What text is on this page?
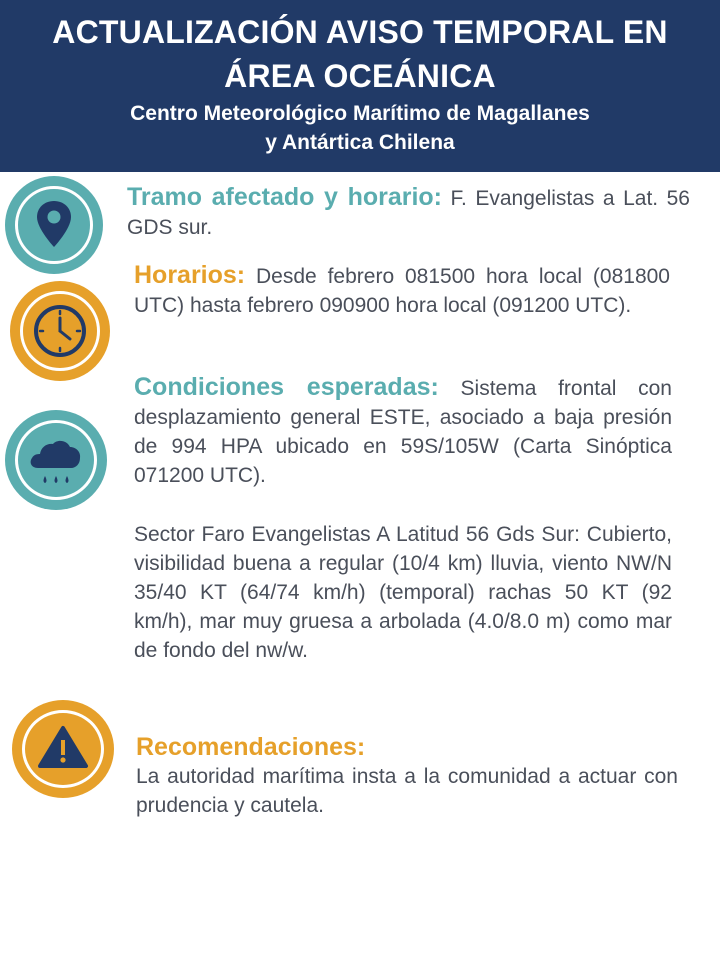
ACTUALIZACIÓN AVISO TEMPORAL EN
ÁREA OCEÁNICA
Centro Meteorológico Marítimo de Magallanes
y Antártica Chilena
Tramo afectado y horario: F. Evangelistas a Lat. 56 GDS sur.
Horarios: Desde febrero 081500 hora local (081800 UTC) hasta febrero 090900 hora local (091200 UTC).
Condiciones esperadas: Sistema frontal con desplazamiento general ESTE, asociado a baja presión de 994 HPA ubicado en 59S/105W (Carta Sinóptica 071200 UTC).
Sector Faro Evangelistas A Latitud 56 Gds Sur: Cubierto, visibilidad buena a regular (10/4 km) lluvia, viento NW/N 35/40 KT (64/74 km/h) (temporal) rachas 50 KT (92 km/h), mar muy gruesa a arbolada (4.0/8.0 m) como mar de fondo del nw/w.
Recomendaciones:
La autoridad marítima insta a la comunidad a actuar con prudencia y cautela.
